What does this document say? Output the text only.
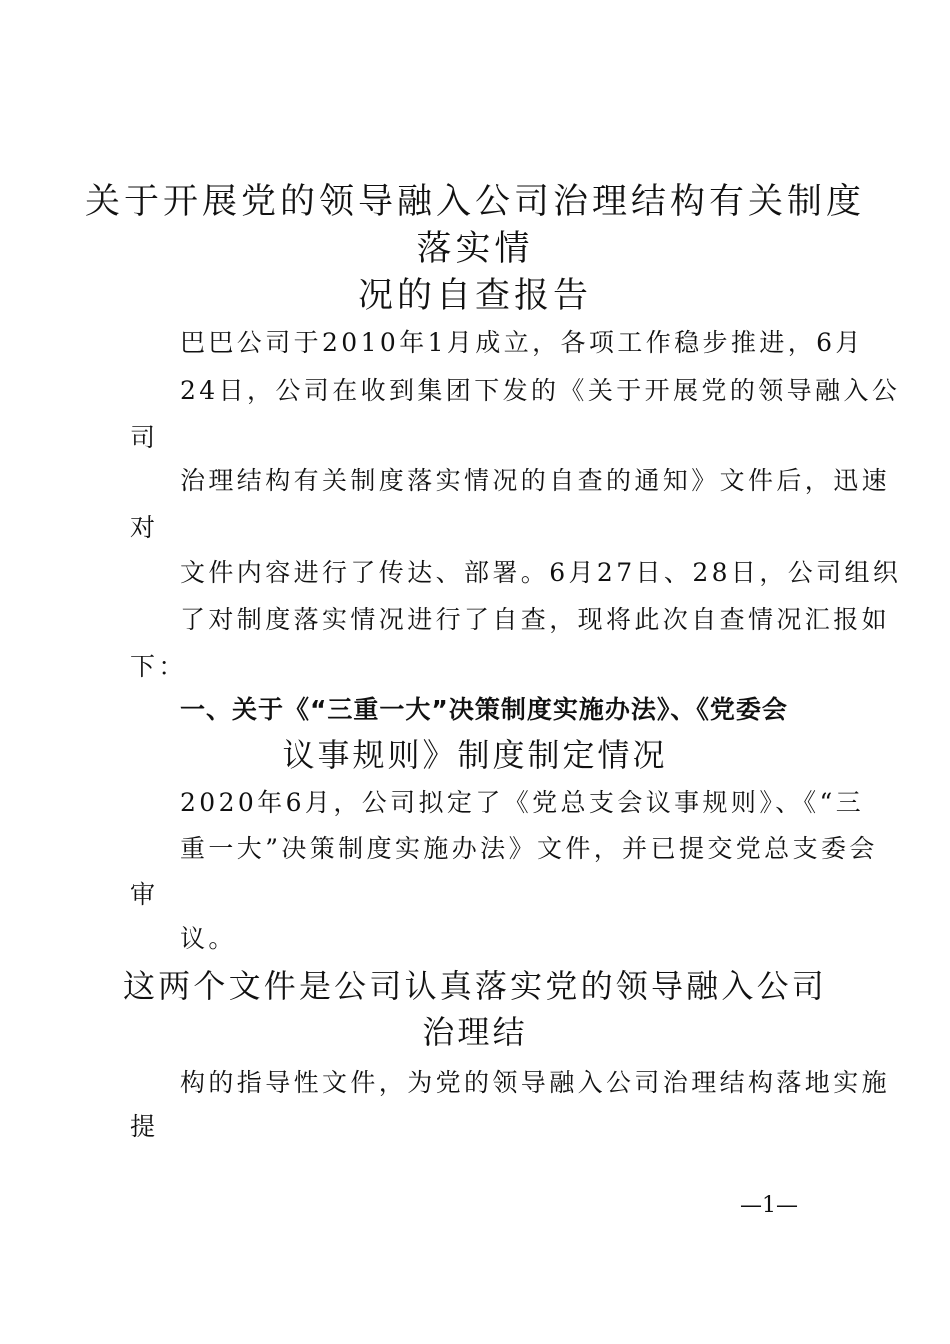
关于开展党的领导融入公司治理结构有关制度
落实情
况的自查报告
巴巴公司于2010年1月成立，各项工作稳步推进，6月
24日，公司在收到集团下发的《关于开展党的领导融入公
司
治理结构有关制度落实情况的自查的通知》文件后，迅速
对
文件内容进行了传达、部署。6月27日、28日，公司组织
了对制度落实情况进行了自查，现将此次自查情况汇报如
下：
一、关于《“三重一大”决策制度实施办法》、《党委会
议事规则》制度制定情况
2020年6月，公司拟定了《党总支会议事规则》、《“三
重一大”决策制度实施办法》文件，并已提交党总支委会
审
议。
这两个文件是公司认真落实党的领导融入公司
治理结
构的指导性文件，为党的领导融入公司治理结构落地实施
提
—1—
